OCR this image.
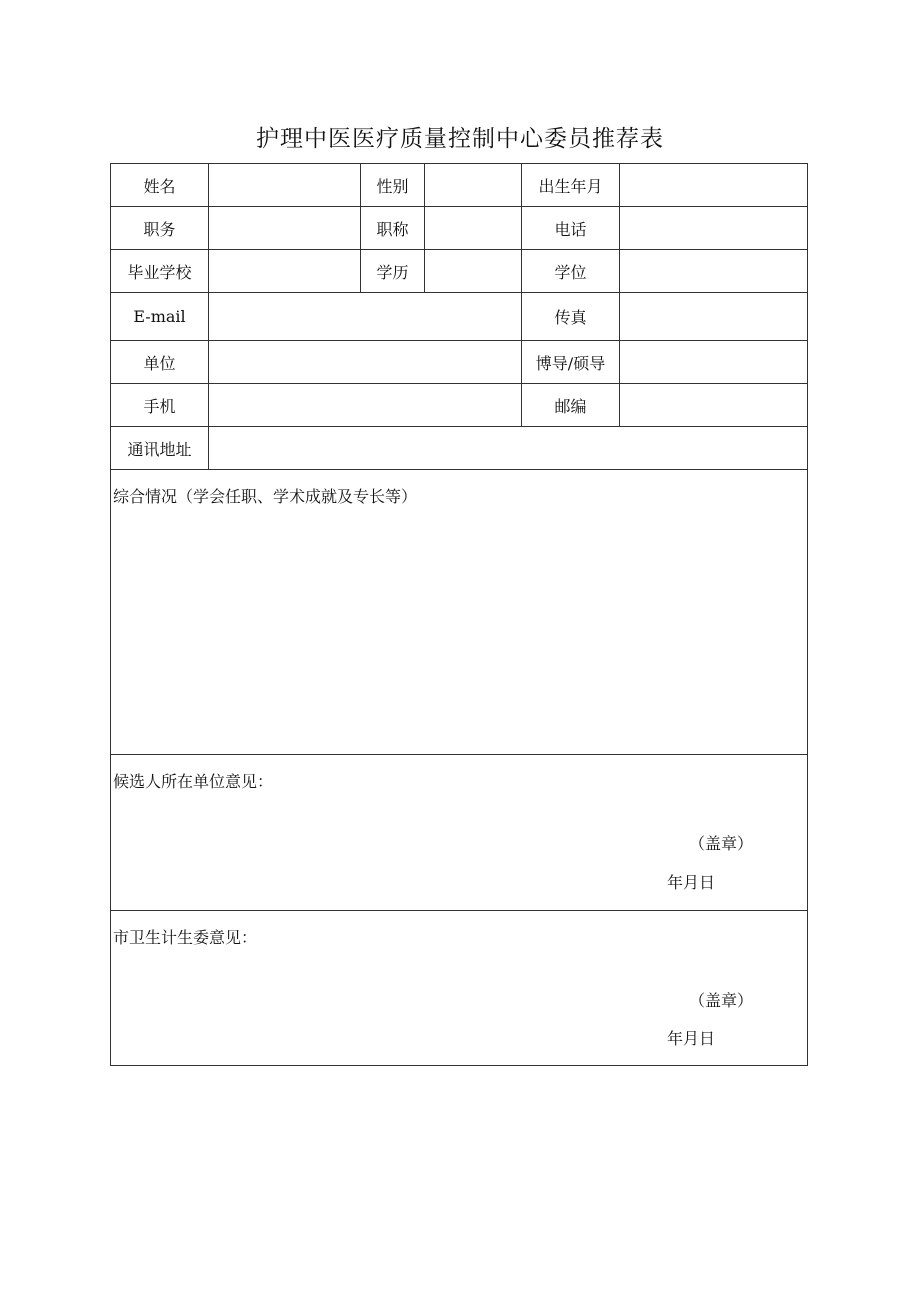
护理中医医疗质量控制中心委员推荐表
姓名		性别		出生年月	
职务		职称		电话	
毕业学校		学历		学位	
E-mail				传真	
单位				博导/硕导	
手机				邮编	
通讯地址					

综合情况（学会任职、学术成就及专长等）					

候选人所在单位意见：
（盖章）
年月日					

市卫生计生委意见：
（盖章）
年月日					
